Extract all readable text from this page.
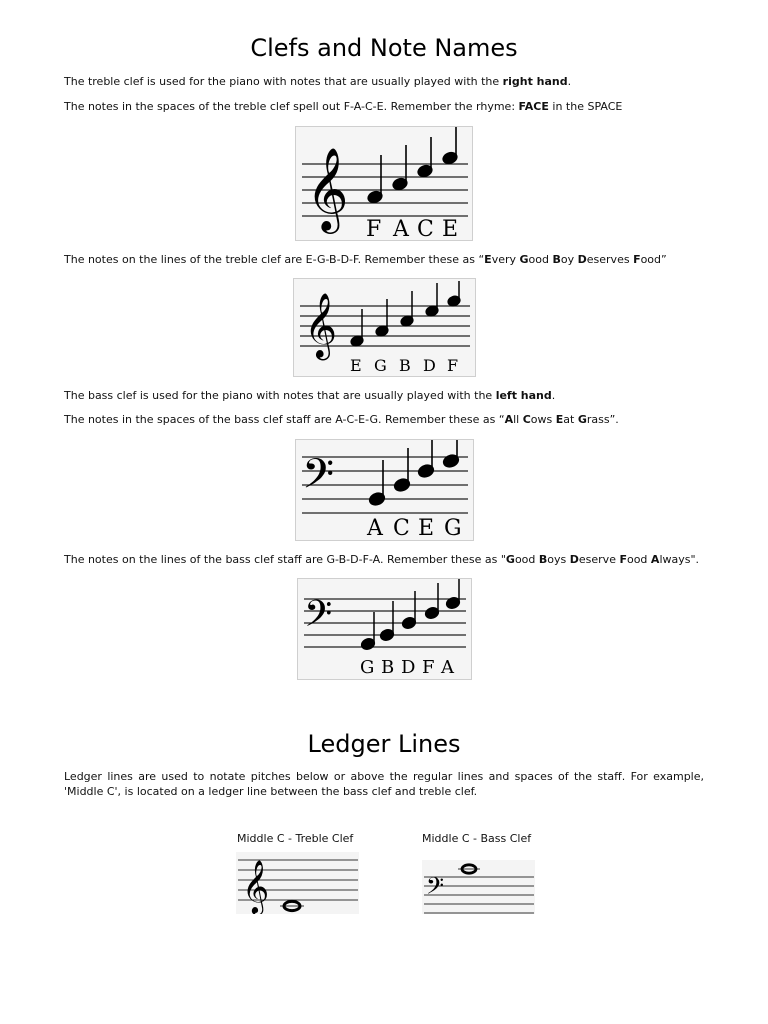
Clefs and Note Names

The treble clef is used for the piano with notes that are usually played with the right hand.

The notes in the spaces of the treble clef spell out F-A-C-E. Remember the rhyme: FACE in the SPACE

𝄞 F A C E

The notes on the lines of the treble clef are E-G-B-D-F. Remember these as “Every Good Boy Deserves Food”

𝄞
E G B D F

The bass clef is used for the piano with notes that are usually played with the left hand.

The notes in the spaces of the bass clef staff are A-C-E-G. Remember these as “All Cows Eat Grass”.

𝄢
A C E G

The notes on the lines of the bass clef staff are G-B-D-F-A. Remember these as "Good Boys Deserve Food Always".

𝄢
G B D F A
Ledger Lines

Ledger lines are used to notate pitches below or above the regular lines and spaces of the staff. For example, 'Middle C', is located on a ledger line between the bass clef and treble clef.

Middle C - Treble Clef	Middle C - Bass Clef
𝄞	𝄢
